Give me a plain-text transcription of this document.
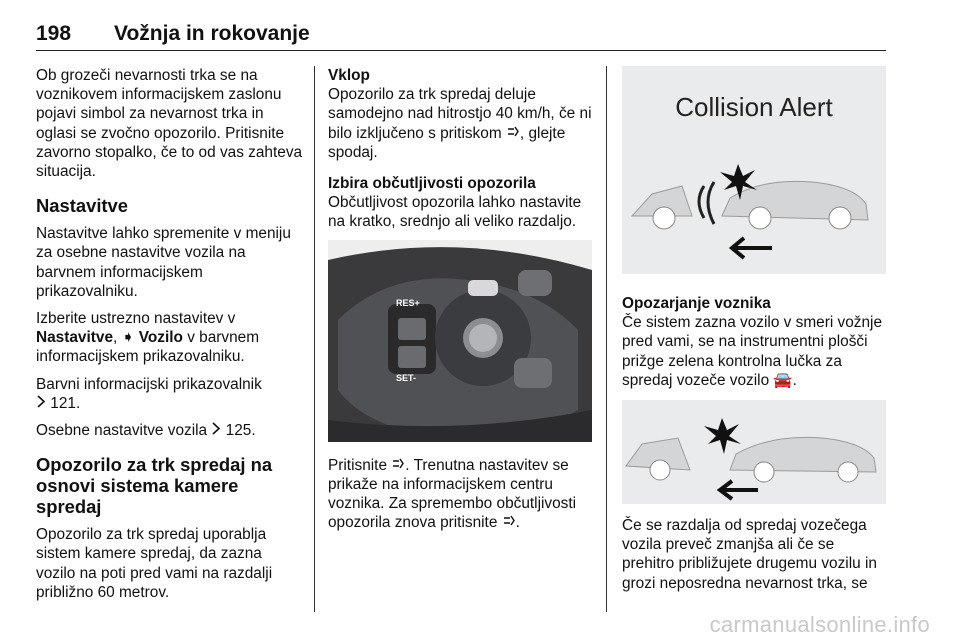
198 Vožnja in rokovanje

Ob grozeči nevarnosti trka se na voznikovem informacijskem zaslonu pojavi simbol za nevarnost trka in oglasi se zvočno opozorilo. Pritisnite zavorno stopalko, če to od vas zahteva situacija.

Nastavitve

Nastavitve lahko spremenite v meniju za osebne nastavitve vozila na barvnem informacijskem prikazovalniku.

Izberite ustrezno nastavitev v Nastavitve, ➧ Vozilo v barvnem informacijskem prikazovalniku.

Barvni informacijski prikazovalnik
121.

Osebne nastavitve vozila 125.

Opozorilo za trk spredaj na osnovi sistema kamere spredaj

Opozorilo za trk spredaj uporablja sistem kamere spredaj, da zazna vozilo na poti pred vami na razdalji približno 60 metrov.

Vklop

Opozorilo za trk spredaj deluje samodejno nad hitrostjo 40 km/h, če ni bilo izključeno s pritiskom , glejte spodaj.

Izbira občutljivosti opozorila

Občutljivost opozorila lahko nastavite na kratko, srednjo ali veliko razdaljo.

RES+
SET-

Pritisnite . Trenutna nastavitev se prikaže na informacijskem centru voznika. Za spremembo občutljivosti opozorila znova pritisnite .

Collision Alert
Opozarjanje voznika

Če sistem zazna vozilo v smeri vožnje pred vami, se na instrumentni plošči prižge zelena kontrolna lučka za spredaj vozeče vozilo 🚘.

Če se razdalja od spredaj vozečega vozila preveč zmanjša ali če se prehitro približujete drugemu vozilu in grozi neposredna nevarnost trka, se

carmanualsonline.info
